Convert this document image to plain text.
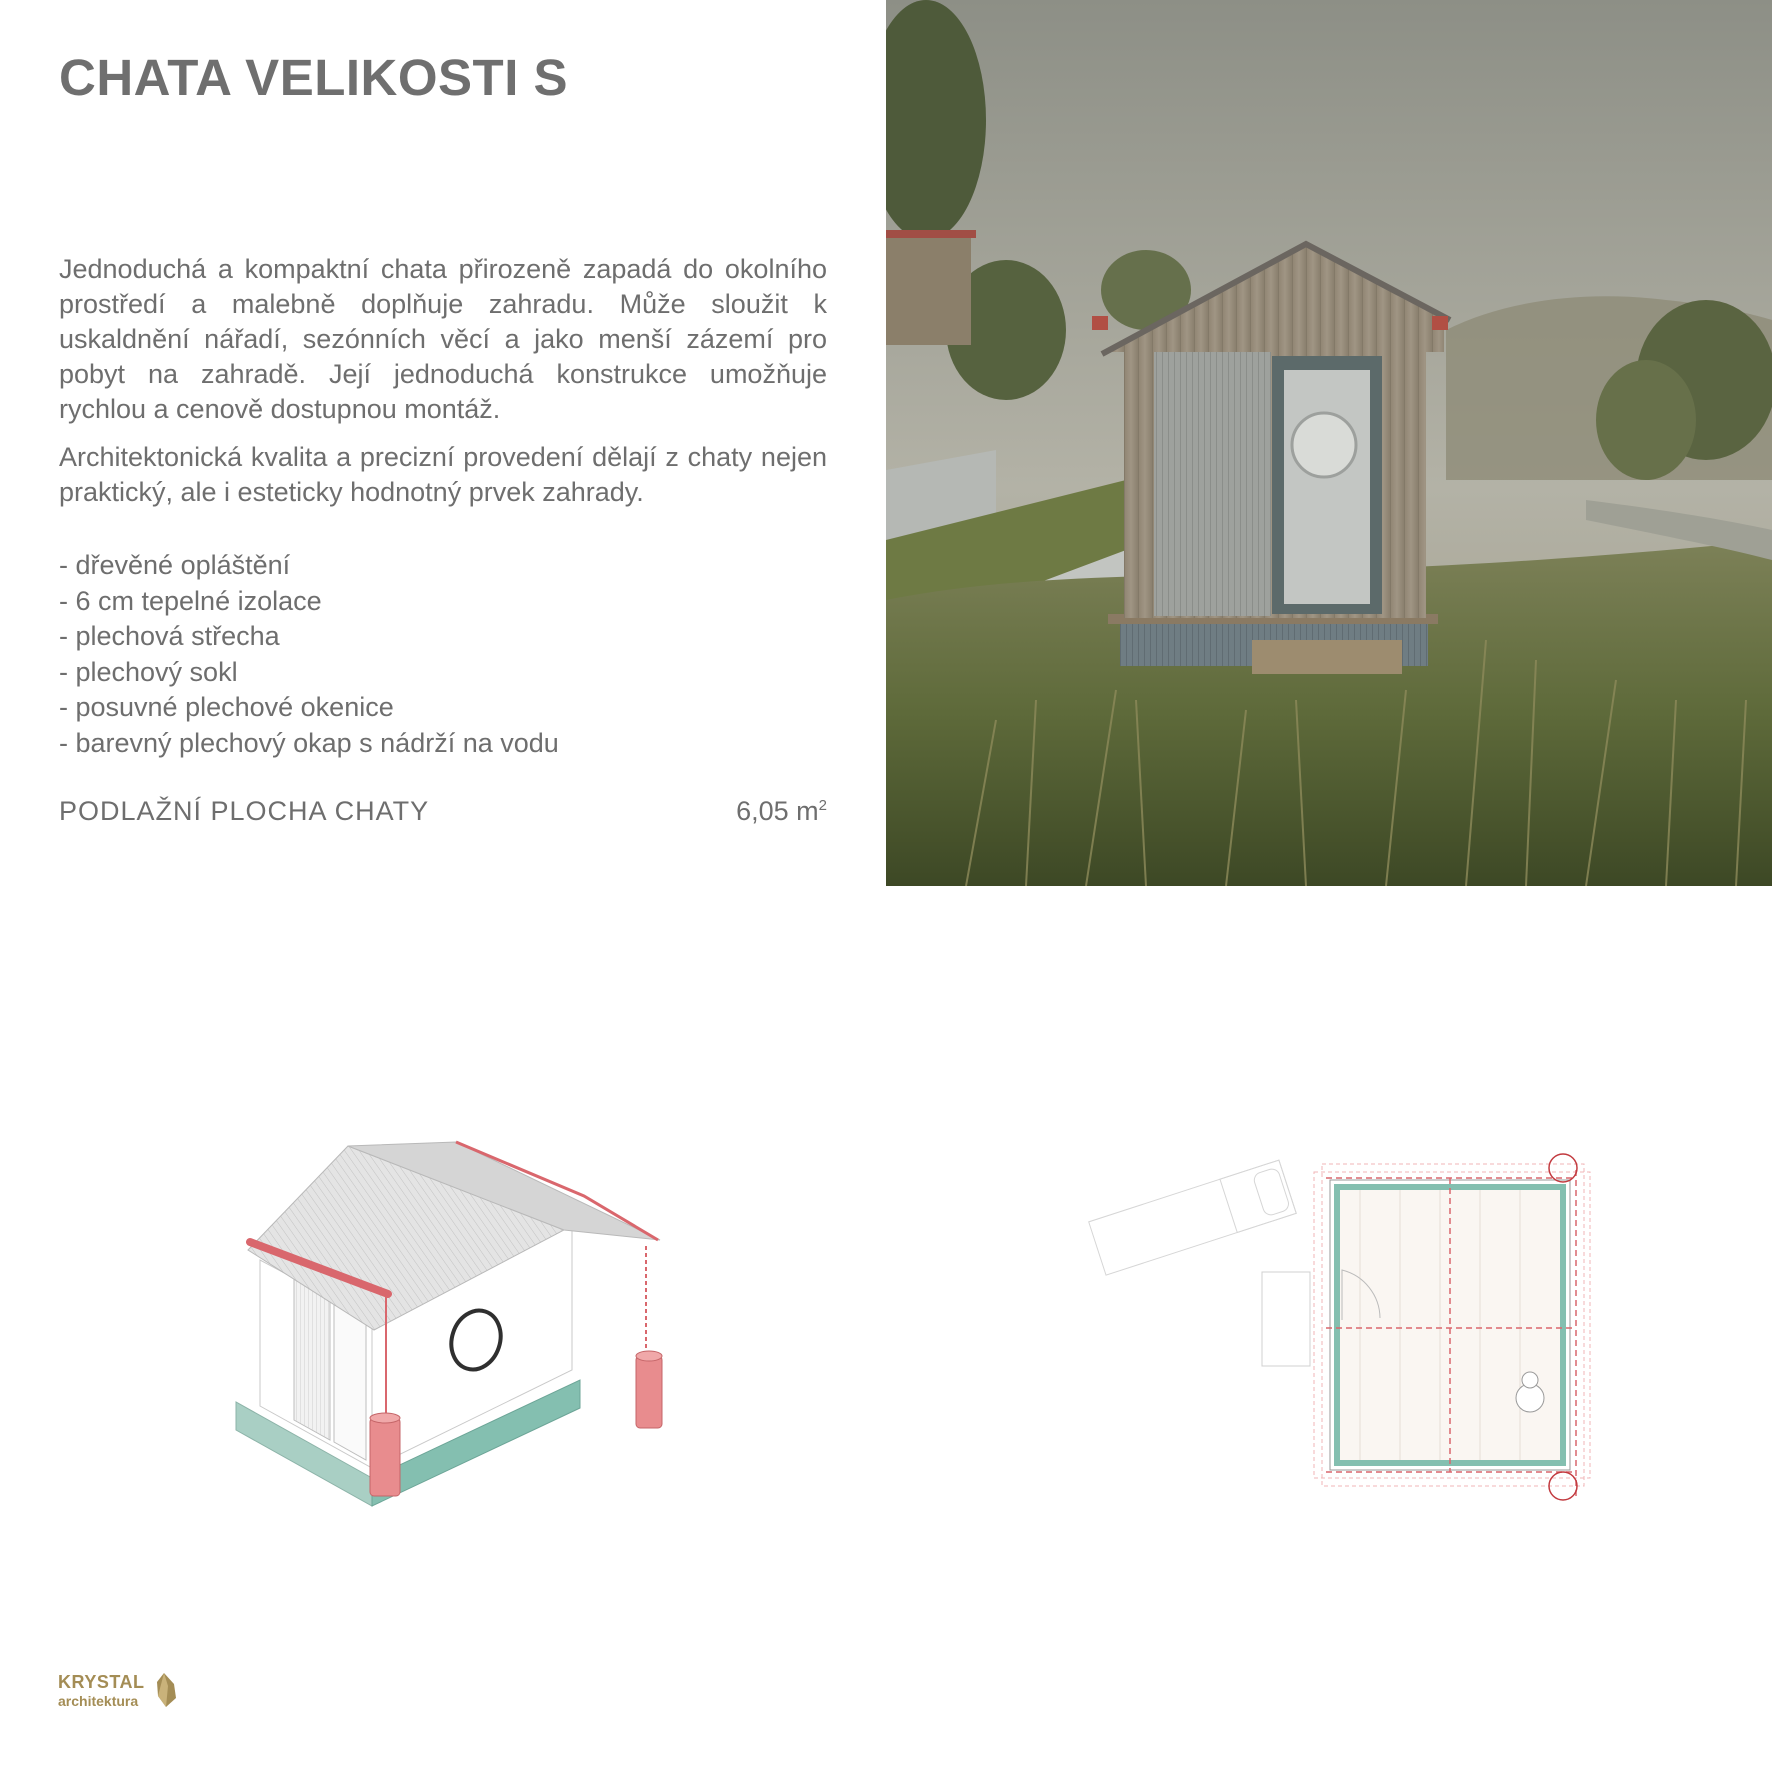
CHATA VELIKOSTI S

Jednoduchá a kompaktní chata přirozeně zapadá do okolního prostředí a malebně doplňuje zahradu. Může sloužit k uskaldnění nářadí, sezónních věcí a jako menší zázemí pro pobyt na zahradě. Její jednoduchá konstrukce umožňuje rychlou a cenově dostupnou montáž.

Architektonická kvalita a precizní provedení dělají z chaty nejen praktický, ale i esteticky hodnotný prvek zahrady.

- dřevěné opláštění
- 6 cm tepelné izolace
- plechová střecha
- plechový sokl
- posuvné plechové okenice
- barevný plechový okap s nádrží na vodu
PODLAŽNÍ PLOCHA CHATY	6,05 $m^2$
KRYSTAL
architektura
